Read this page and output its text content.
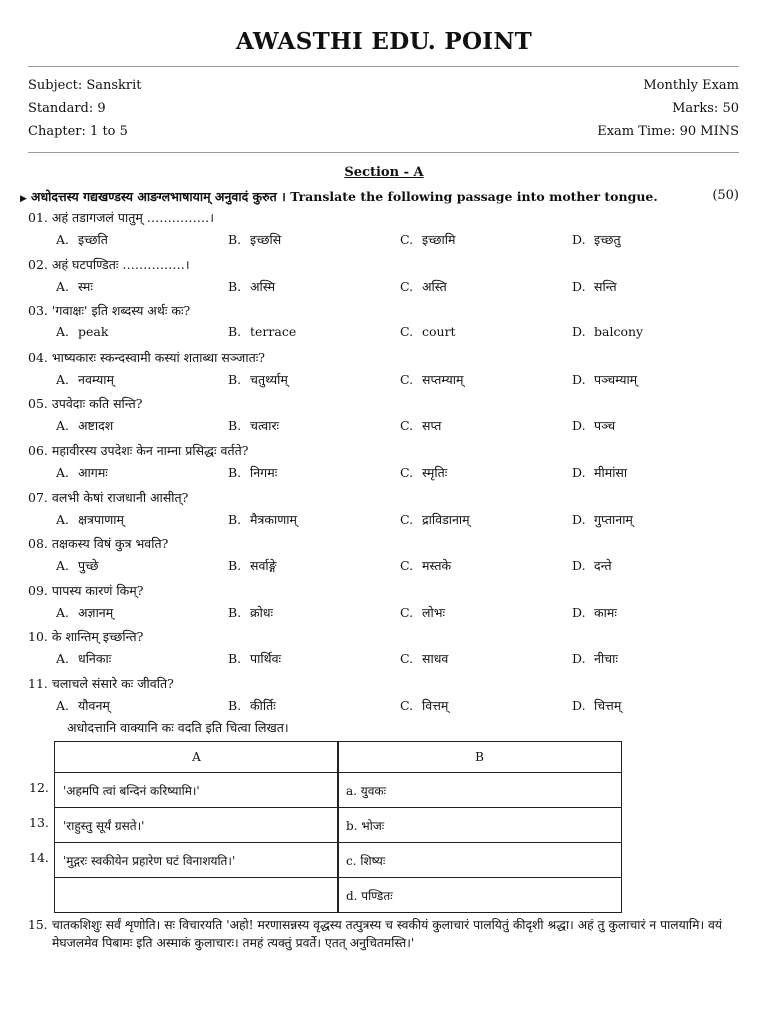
AWASTHI EDU. POINT
Subject: Sanskrit
Standard: 9
Chapter: 1 to 5
Monthly Exam
Marks: 50
Exam Time: 90 MINS
Section - A
▶ अधोदत्तस्य गद्यखण्डस्य आङग्लभाषायाम् अनुवादं कुरुत । Translate the following passage into mother tongue.	(50)
01. अहं तडागजलं पातुम् ……………।
A. इच्छति	B. इच्छसि	C. इच्छामि	D. इच्छतु
02. अहं घटपण्डितः ……………।
A. स्मः	B. अस्मि	C. अस्ति	D. सन्ति
03. 'गवाक्षः' इति शब्दस्य अर्थः कः?
A. peak	B. terrace	C. court	D. balcony
04. भाष्यकारः स्कन्दस्वामी कस्यां शताब्धा सञ्जातः?
A. नवम्याम्	B. चतुर्थ्याम्	C. सप्तम्याम्	D. पञ्चम्याम्
05. उपवेदाः कति सन्ति?
A. अष्टादश	B. चत्वारः	C. सप्त	D. पञ्च
06. महावीरस्य उपदेशः केन नाम्ना प्रसिद्धः वर्तते?
A. आगमः	B. निगमः	C. स्मृतिः	D. मीमांसा
07. वलभी केषां राजधानी आसीत्?
A. क्षत्रपाणाम्	B. मैत्रकाणाम्	C. द्राविडानाम्	D. गुप्तानाम्
08. तक्षकस्य विषं कुत्र भवति?
A. पुच्छे	B. सर्वाङ्गे	C. मस्तके	D. दन्ते
09. पापस्य कारणं किम्?
A. अज्ञानम्	B. क्रोधः	C. लोभः	D. कामः
10. के शान्तिम् इच्छन्ति?
A. धनिकाः	B. पार्थिवः	C. साधव	D. नीचाः
11. चलाचले संसारे कः जीवति?
A. यौवनम्	B. कीर्तिः	C. वित्तम्	D. चित्तम्
अधोदत्तानि वाक्यानि कः वदति इति चित्वा लिखत।
A	B
12.	'अहमपि त्वां बन्दिनं करिष्यामि।'	a. युवकः
13.	'राहुस्तु सूर्यं ग्रसते।'	b. भोजः
14.	'मुद्गरः स्वकीयेन प्रहारेण घटं विनाशयति।'	c. शिष्यः
d. पण्डितः
15. चातकशिशुः सर्वं शृणोति। सः विचारयति 'अहो! मरणासन्नस्य वृद्धस्य तत्पुत्रस्य च स्वकीयं कुलाचारं पालयितुं कीदृशी श्रद्धा। अहं तु कुलाचारं न पालयामि। वयं मेघजलमेव पिबामः इति अस्माकं कुलाचारः। तमहं त्यक्तुं प्रवर्ते। एतत् अनुचितमस्ति।'
